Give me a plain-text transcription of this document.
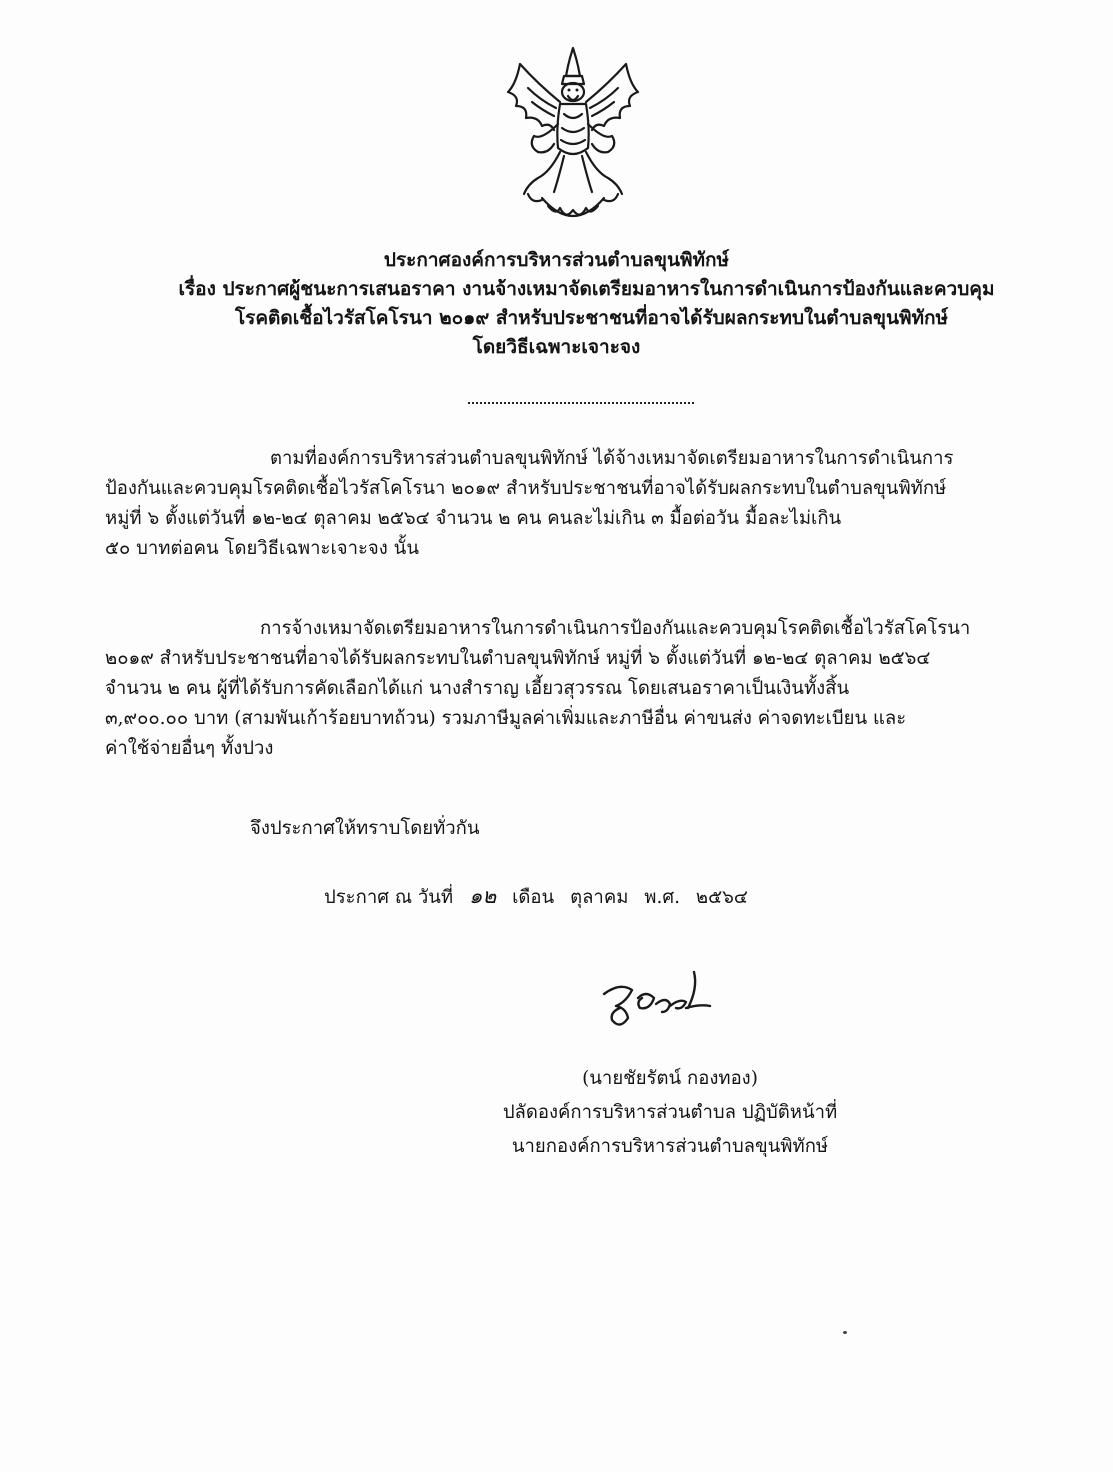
ประกาศองค์การบริหารส่วนตำบลขุนพิทักษ์
เรื่อง ประกาศผู้ชนะการเสนอราคา งานจ้างเหมาจัดเตรียมอาหารในการดำเนินการป้องกันและควบคุม
โรคติดเชื้อไวรัสโคโรนา ๒๐๑๙ สำหรับประชาชนที่อาจได้รับผลกระทบในตำบลขุนพิทักษ์
โดยวิธีเฉพาะเจาะจง
ตามที่องค์การบริหารส่วนตำบลขุนพิทักษ์ ได้จ้างเหมาจัดเตรียมอาหารในการดำเนินการ
ป้องกันและควบคุมโรคติดเชื้อไวรัสโคโรนา ๒๐๑๙ สำหรับประชาชนที่อาจได้รับผลกระทบในตำบลขุนพิทักษ์
หมู่ที่ ๖ ตั้งแต่วันที่ ๑๒-๒๔ ตุลาคม ๒๕๖๔ จำนวน ๒ คน คนละไม่เกิน ๓ มื้อต่อวัน มื้อละไม่เกิน
๕๐ บาทต่อคน โดยวิธีเฉพาะเจาะจง นั้น
การจ้างเหมาจัดเตรียมอาหารในการดำเนินการป้องกันและควบคุมโรคติดเชื้อไวรัสโคโรนา
๒๐๑๙ สำหรับประชาชนที่อาจได้รับผลกระทบในตำบลขุนพิทักษ์ หมู่ที่ ๖ ตั้งแต่วันที่ ๑๒-๒๔ ตุลาคม ๒๕๖๔
จำนวน ๒ คน ผู้ที่ได้รับการคัดเลือกได้แก่ นางสำราญ เอี้ยวสุวรรณ โดยเสนอราคาเป็นเงินทั้งสิ้น
๓,๙๐๐.๐๐ บาท (สามพันเก้าร้อยบาทถ้วน) รวมภาษีมูลค่าเพิ่มและภาษีอื่น ค่าขนส่ง ค่าจดทะเบียน และ
ค่าใช้จ่ายอื่นๆ ทั้งปวง
จึงประกาศให้ทราบโดยทั่วกัน
ประกาศ ณ วันที่ ๑๒ เดือน ตุลาคม พ.ศ. ๒๕๖๔
(นายชัยรัตน์ กองทอง)
ปลัดองค์การบริหารส่วนตำบล ปฏิบัติหน้าที่
นายกองค์การบริหารส่วนตำบลขุนพิทักษ์
